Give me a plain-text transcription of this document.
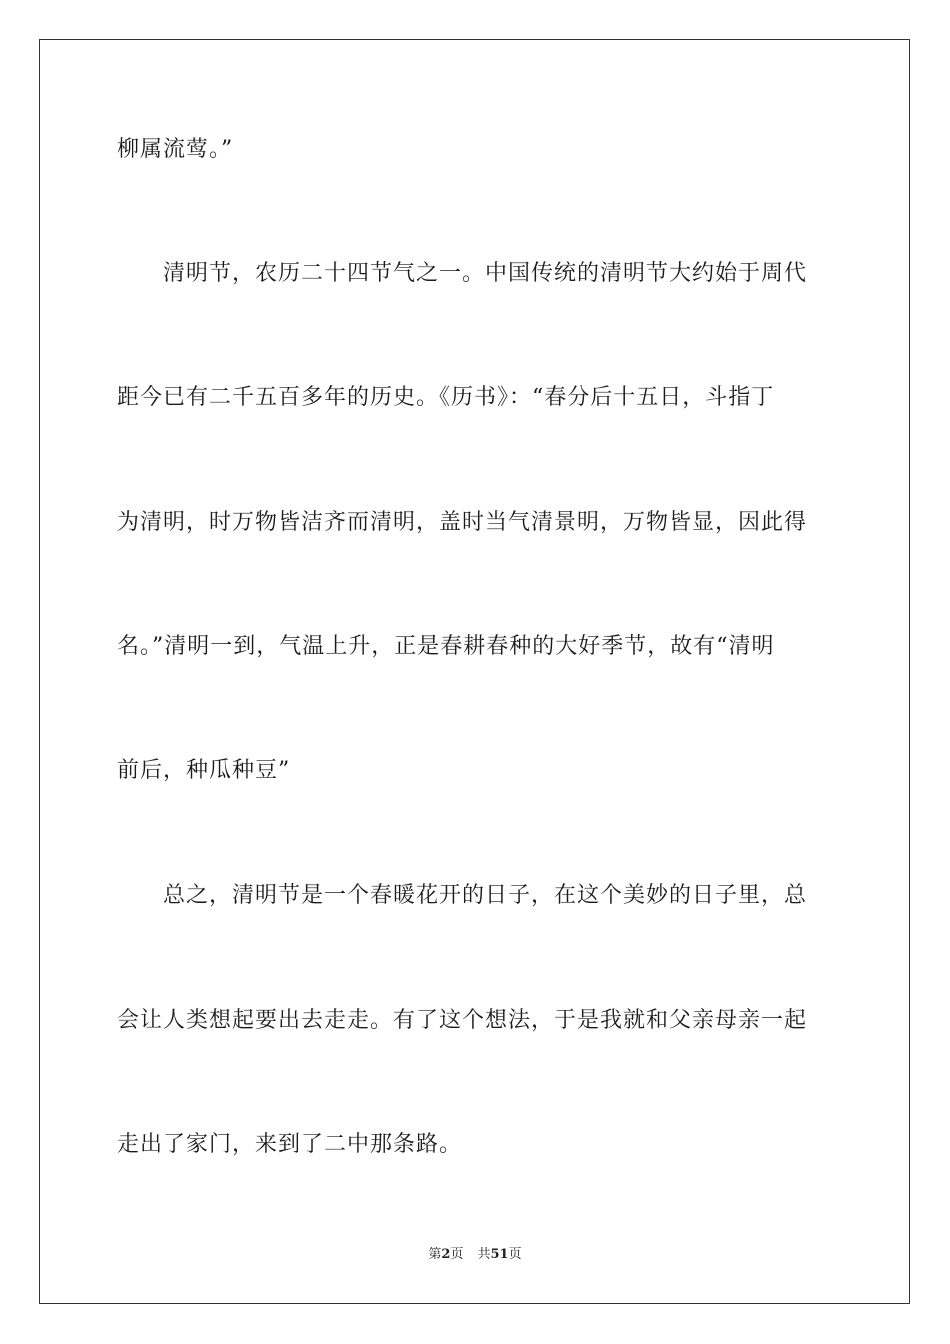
柳属流莺。”
清明节，农历二十四节气之一。中国传统的清明节大约始于周代
距今已有二千五百多年的历史。《历书》：“春分后十五日，斗指丁
为清明，时万物皆洁齐而清明，盖时当气清景明，万物皆显，因此得
名。”清明一到，气温上升，正是春耕春种的大好季节，故有“清明
前后，种瓜种豆”
总之，清明节是一个春暖花开的日子，在这个美妙的日子里，总
会让人类想起要出去走走。有了这个想法，于是我就和父亲母亲一起
走出了家门，来到了二中那条路。
第2页 共51页
